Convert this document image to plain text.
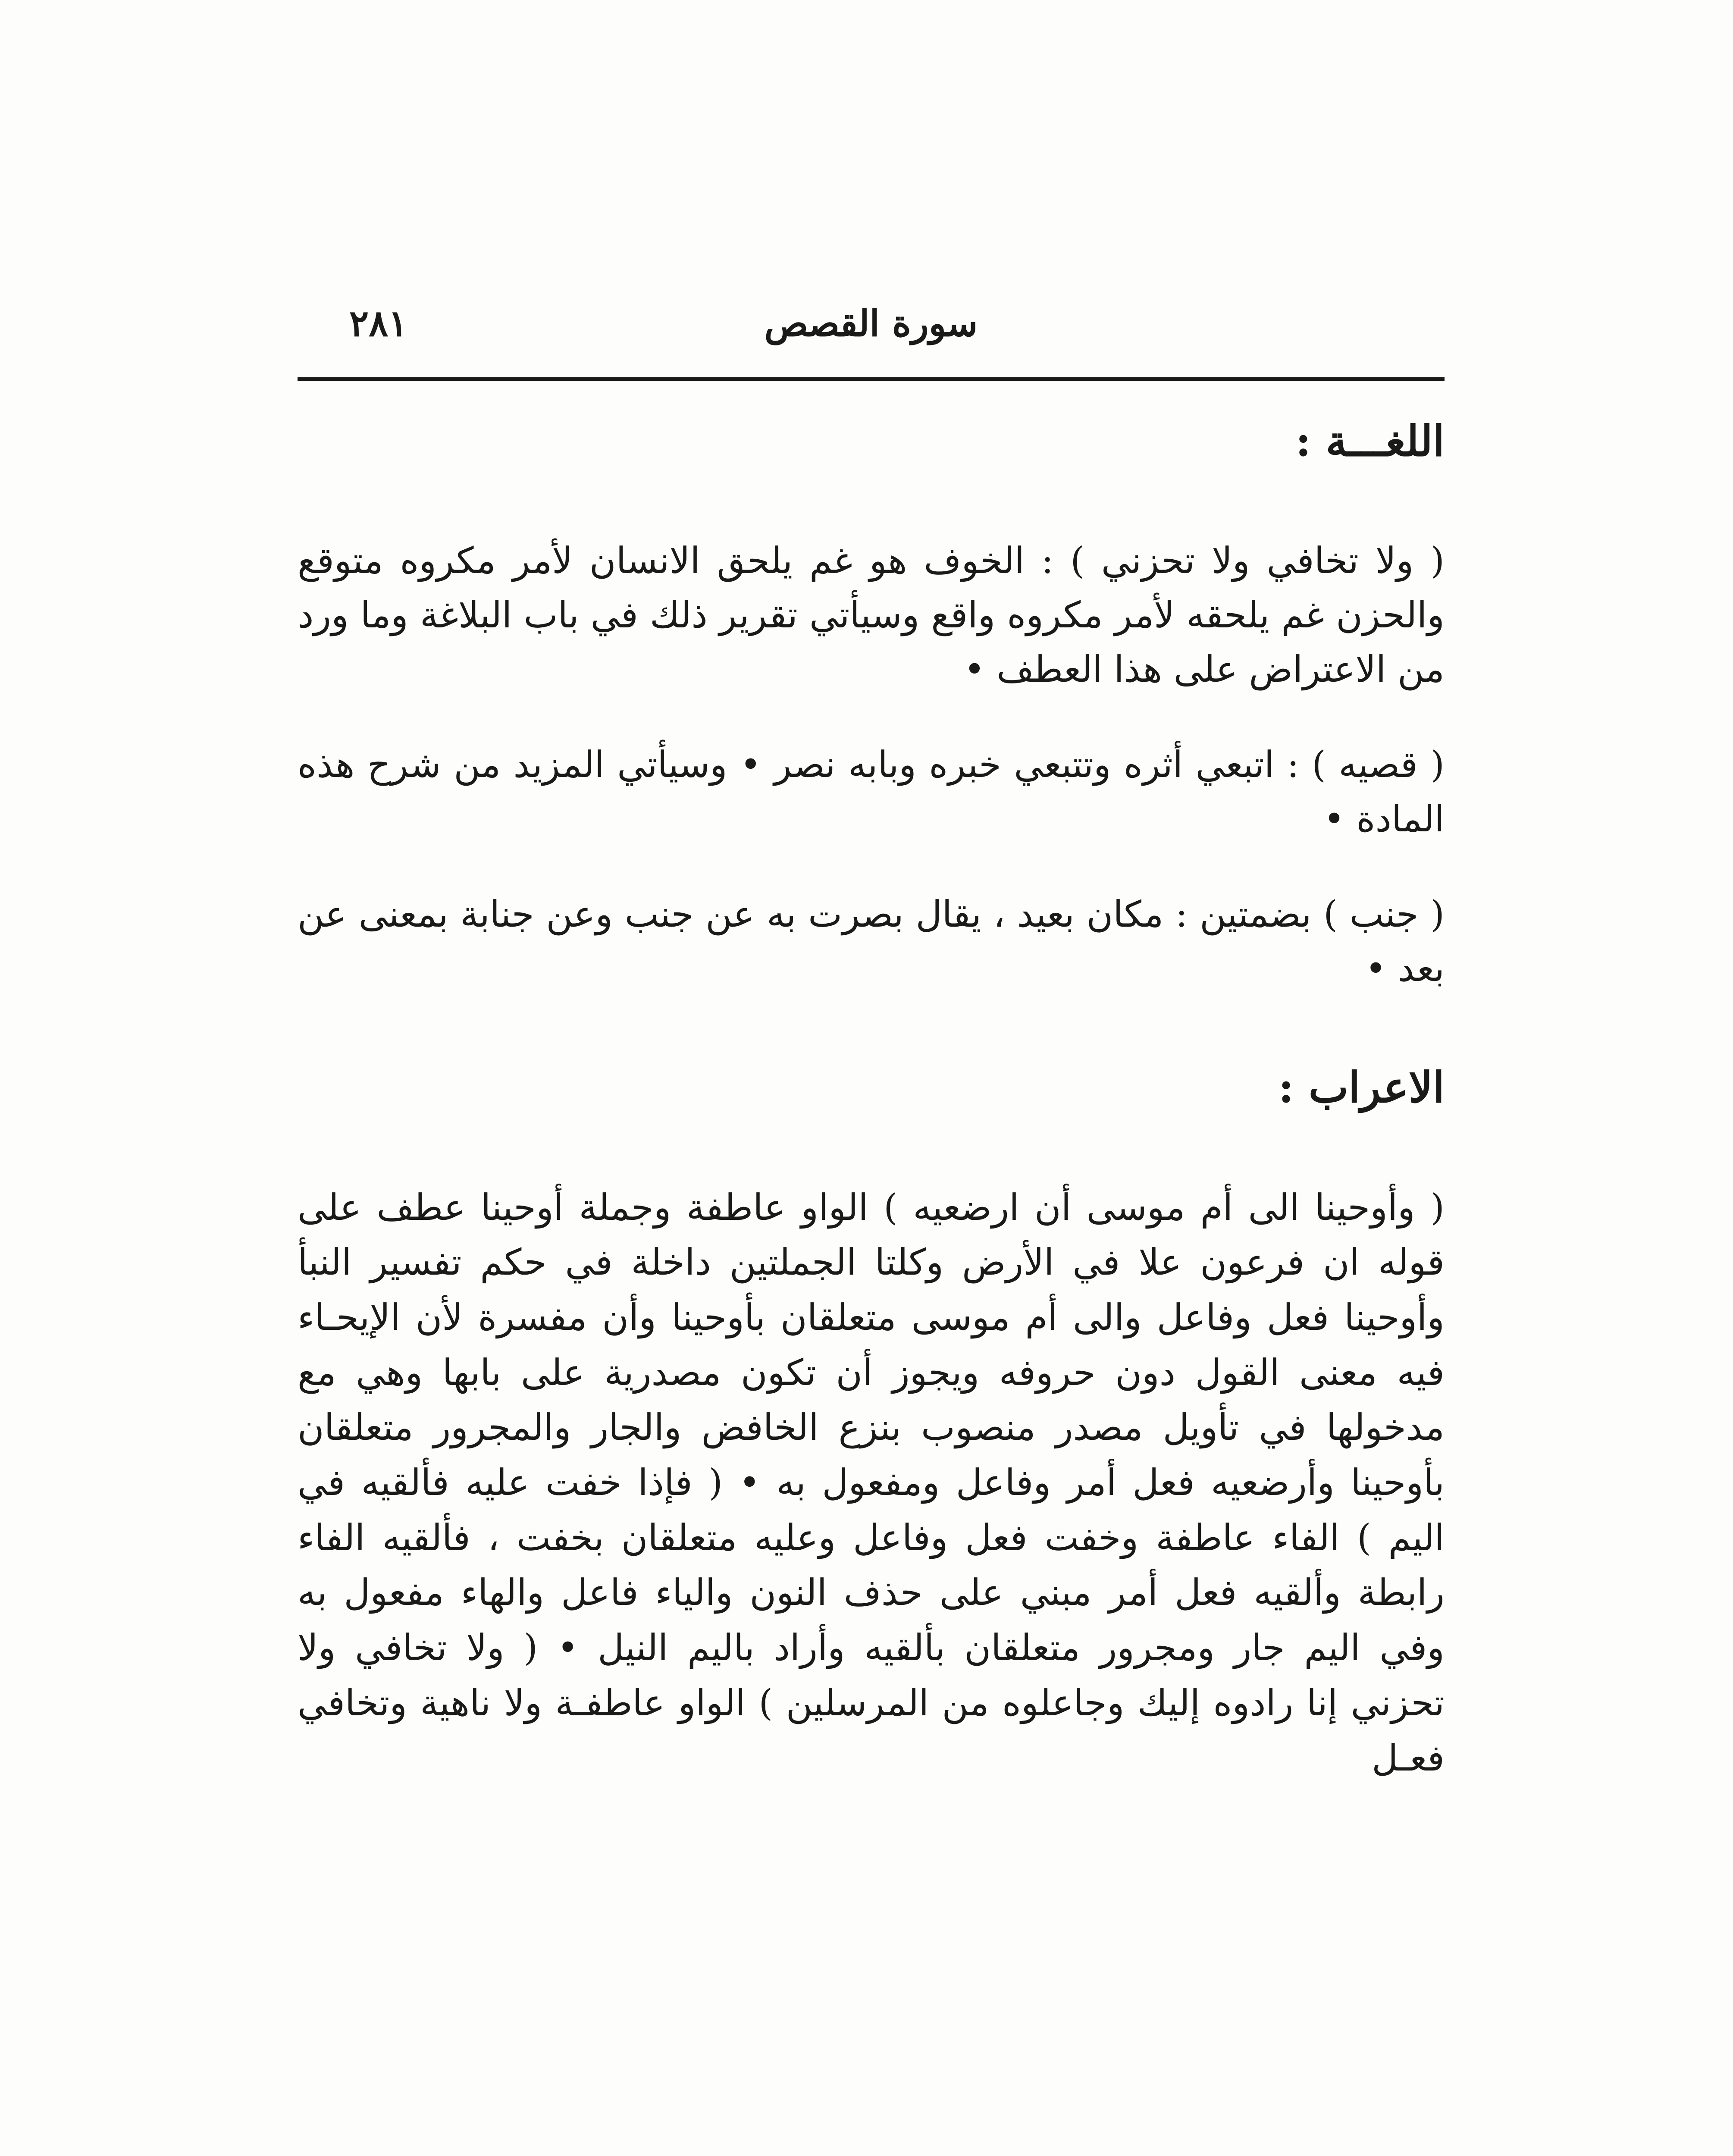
سورة القصص
٢٨١
اللغـــة :

( ولا تخافي ولا تحزني ) : الخوف هو غم يلحق الانسان لأمر مكروه متوقع والحزن غم يلحقه لأمر مكروه واقع وسيأتي تقرير ذلك في باب البلاغة وما ورد من الاعتراض على هذا العطف •

( قصيه ) : اتبعي أثره وتتبعي خبره وبابه نصر • وسيأتي المزيد من شرح هذه المادة •

( جنب ) بضمتين : مكان بعيد ، يقال بصرت به عن جنب وعن جنابة بمعنى عن بعد •

الاعراب :

( وأوحينا الى أم موسى أن ارضعيه ) الواو عاطفة وجملة أوحينا عطف على قوله ان فرعون علا في الأرض وكلتا الجملتين داخلة في حكم تفسير النبأ وأوحينا فعل وفاعل والى أم موسى متعلقان بأوحينا وأن مفسرة لأن الإيحـاء فيه معنى القول دون حروفه ويجوز أن تكون مصدرية على بابها وهي مع مدخولها في تأويل مصدر منصوب بنزع الخافض والجار والمجرور متعلقان بأوحينا وأرضعيه فعل أمر وفاعل ومفعول به • ( فإذا خفت عليه فألقيه في اليم ) الفاء عاطفة وخفت فعل وفاعل وعليه متعلقان بخفت ، فألقيه الفاء رابطة وألقيه فعل أمر مبني على حذف النون والياء فاعل والهاء مفعول به وفي اليم جار ومجرور متعلقان بألقيه وأراد باليم النيل • ( ولا تخافي ولا تحزني إنا رادوه إليك وجاعلوه من المرسلين ) الواو عاطفـة ولا ناهية وتخافي فعـل
